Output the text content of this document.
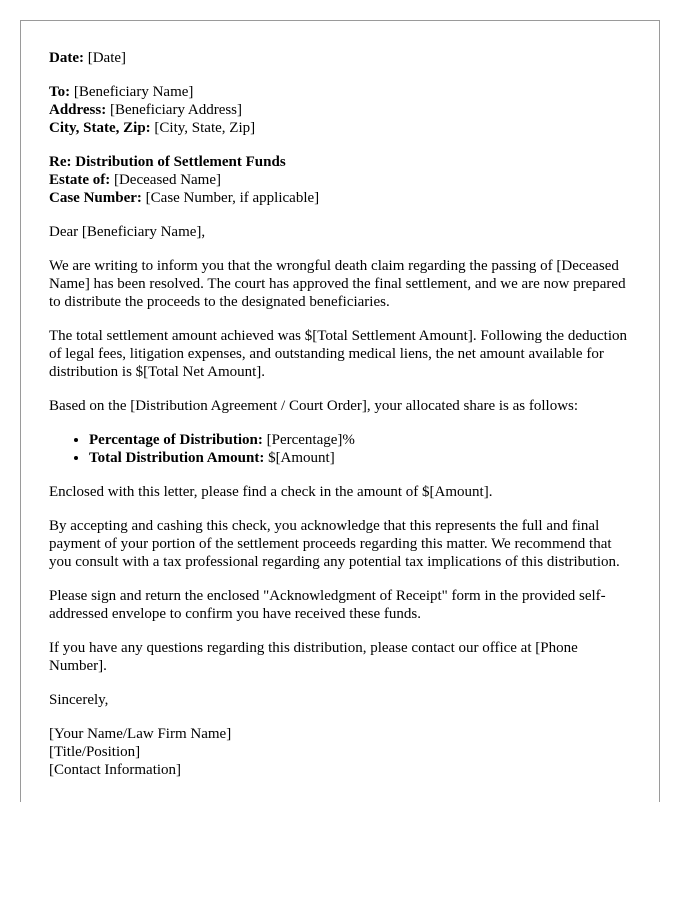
Date: [Date]
To: [Beneficiary Name]
Address: [Beneficiary Address]
City, State, Zip: [City, State, Zip]
Re: Distribution of Settlement Funds
Estate of: [Deceased Name]
Case Number: [Case Number, if applicable]

Dear [Beneficiary Name],

We are writing to inform you that the wrongful death claim regarding the passing of [Deceased Name] has been resolved. The court has approved the final settlement, and we are now prepared to distribute the proceeds to the designated beneficiaries.

The total settlement amount achieved was $[Total Settlement Amount]. Following the deduction of legal fees, litigation expenses, and outstanding medical liens, the net amount available for distribution is $[Total Net Amount].

Based on the [Distribution Agreement / Court Order], your allocated share is as follows:

• Percentage of Distribution: [Percentage]%
• Total Distribution Amount: $[Amount]

Enclosed with this letter, please find a check in the amount of $[Amount].

By accepting and cashing this check, you acknowledge that this represents the full and final payment of your portion of the settlement proceeds regarding this matter. We recommend that you consult with a tax professional regarding any potential tax implications of this distribution.

Please sign and return the enclosed "Acknowledgment of Receipt" form in the provided self-addressed envelope to confirm you have received these funds.

If you have any questions regarding this distribution, please contact our office at [Phone Number].

Sincerely,

[Your Name/Law Firm Name]
[Title/Position]
[Contact Information]
